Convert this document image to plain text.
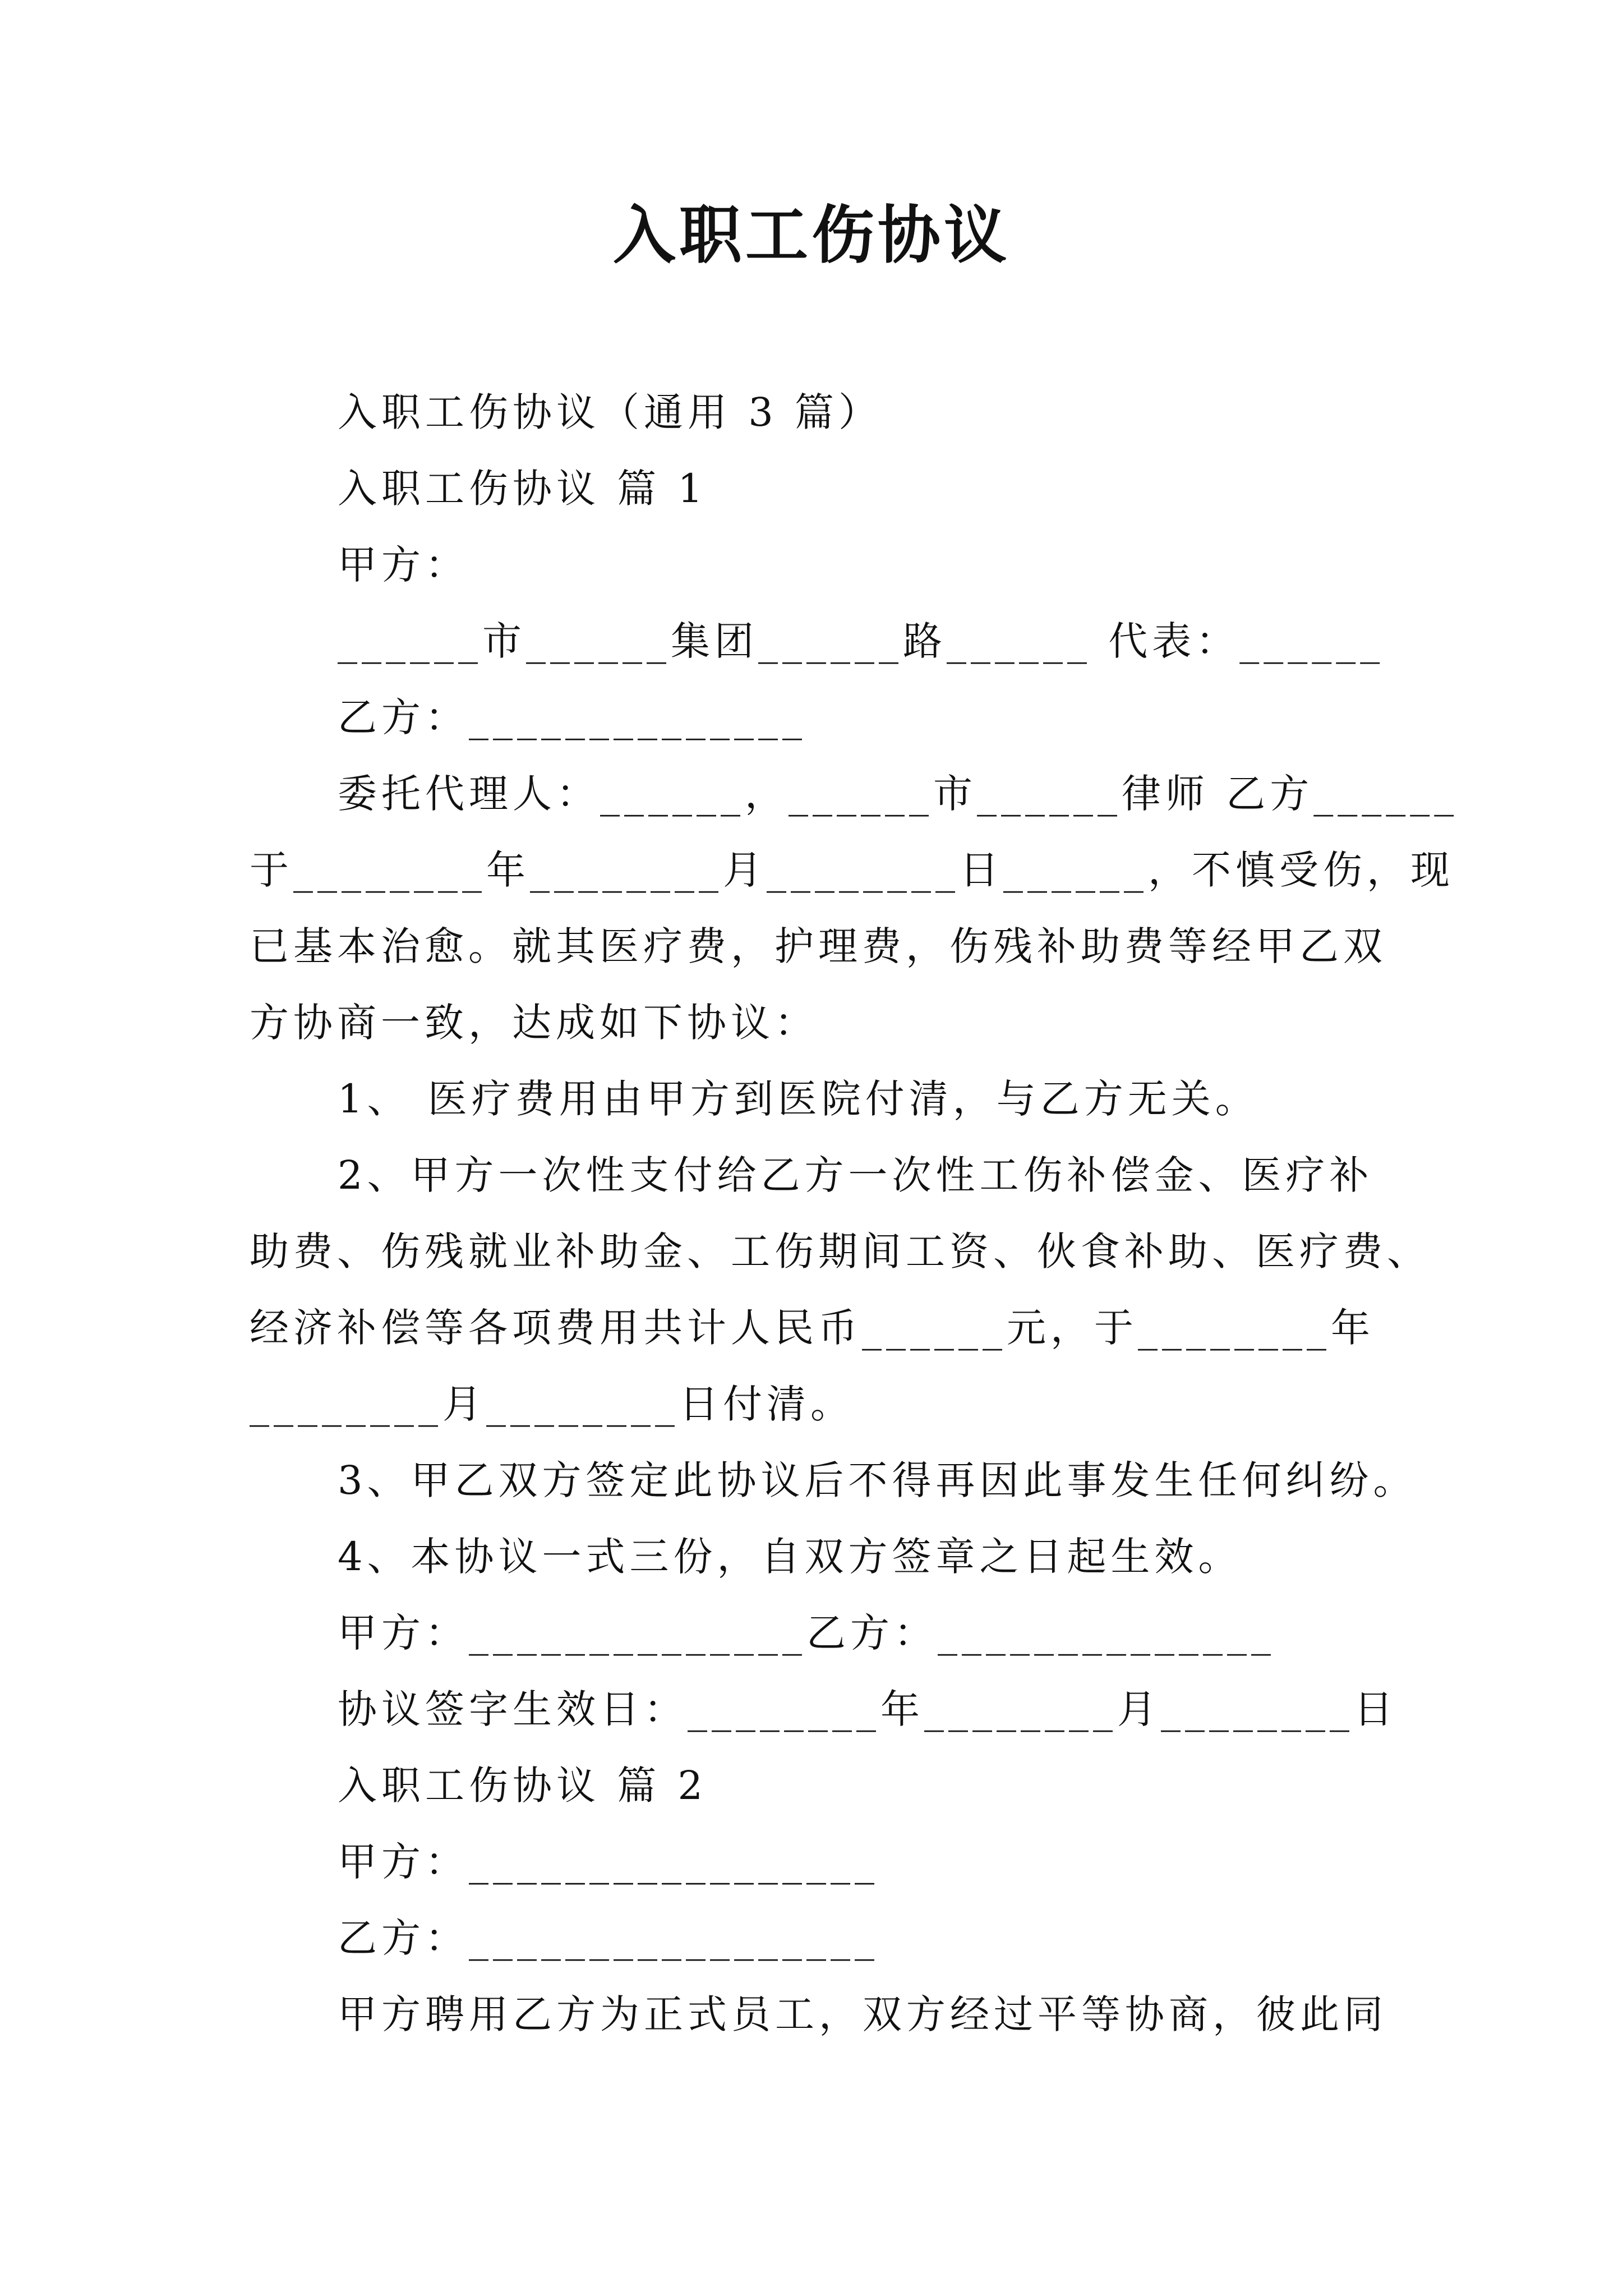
入职工伤协议
入职工伤协议（通用 3 篇）
入职工伤协议 篇 1
甲方：
______市______集团______路______ 代表：______
乙方：______________
委托代理人：______，______市______律师 乙方______
于________年________月________日______，不慎受伤，现
已基本治愈。就其医疗费，护理费，伤残补助费等经甲乙双
方协商一致，达成如下协议：
1、 医疗费用由甲方到医院付清，与乙方无关。
2、甲方一次性支付给乙方一次性工伤补偿金、医疗补
助费、伤残就业补助金、工伤期间工资、伙食补助、医疗费、
经济补偿等各项费用共计人民币______元，于________年
________月________日付清。
3、甲乙双方签定此协议后不得再因此事发生任何纠纷。
4、本协议一式三份，自双方签章之日起生效。
甲方：______________乙方：______________
协议签字生效日：________年________月________日
入职工伤协议 篇 2
甲方：_________________
乙方：_________________
甲方聘用乙方为正式员工，双方经过平等协商，彼此同
